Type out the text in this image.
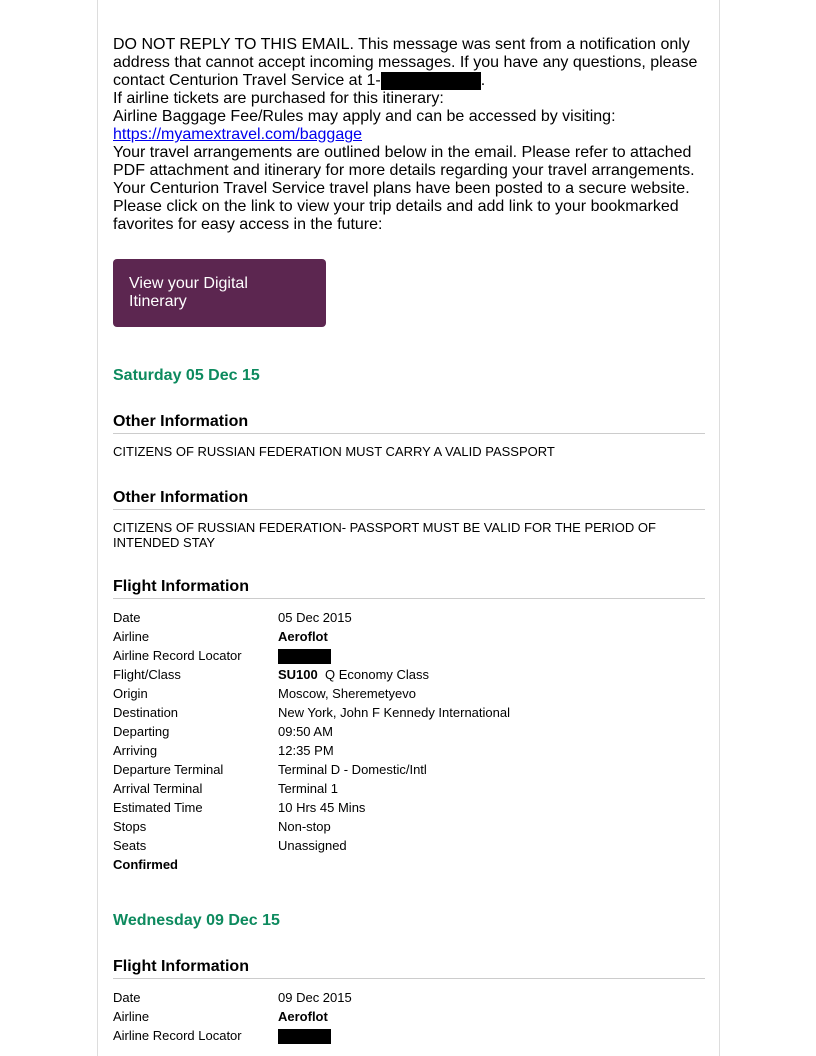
DO NOT REPLY TO THIS EMAIL. This message was sent from a notification only address that cannot accept incoming messages. If you have any questions, please contact Centurion Travel Service at 1-	.
If airline tickets are purchased for this itinerary:
Airline Baggage Fee/Rules may apply and can be accessed by visiting:
https://myamextravel.com/baggage
Your travel arrangements are outlined below in the email. Please refer to attached PDF attachment and itinerary for more details regarding your travel arrangements. Your Centurion Travel Service travel plans have been posted to a secure website. Please click on the link to view your trip details and add link to your bookmarked favorites for easy access in the future:

View your Digital Itinerary
Saturday 05 Dec 15
Other Information
CITIZENS OF RUSSIAN FEDERATION MUST CARRY A VALID PASSPORT
Other Information
CITIZENS OF RUSSIAN FEDERATION- PASSPORT MUST BE VALID FOR THE PERIOD OF INTENDED STAY
Flight Information
Date	05 Dec 2015
Airline	Aeroflot
Airline Record Locator	
Flight/Class	SU100 Q Economy Class
Origin	Moscow, Sheremetyevo
Destination	New York, John F Kennedy International
Departing	09:50 AM
Arriving	12:35 PM
Departure Terminal	Terminal D - Domestic/Intl
Arrival Terminal	Terminal 1
Estimated Time	10 Hrs 45 Mins
Stops	Non-stop
Seats	Unassigned
Confirmed	
Wednesday 09 Dec 15
Flight Information
Date	09 Dec 2015
Airline	Aeroflot
Airline Record Locator	
